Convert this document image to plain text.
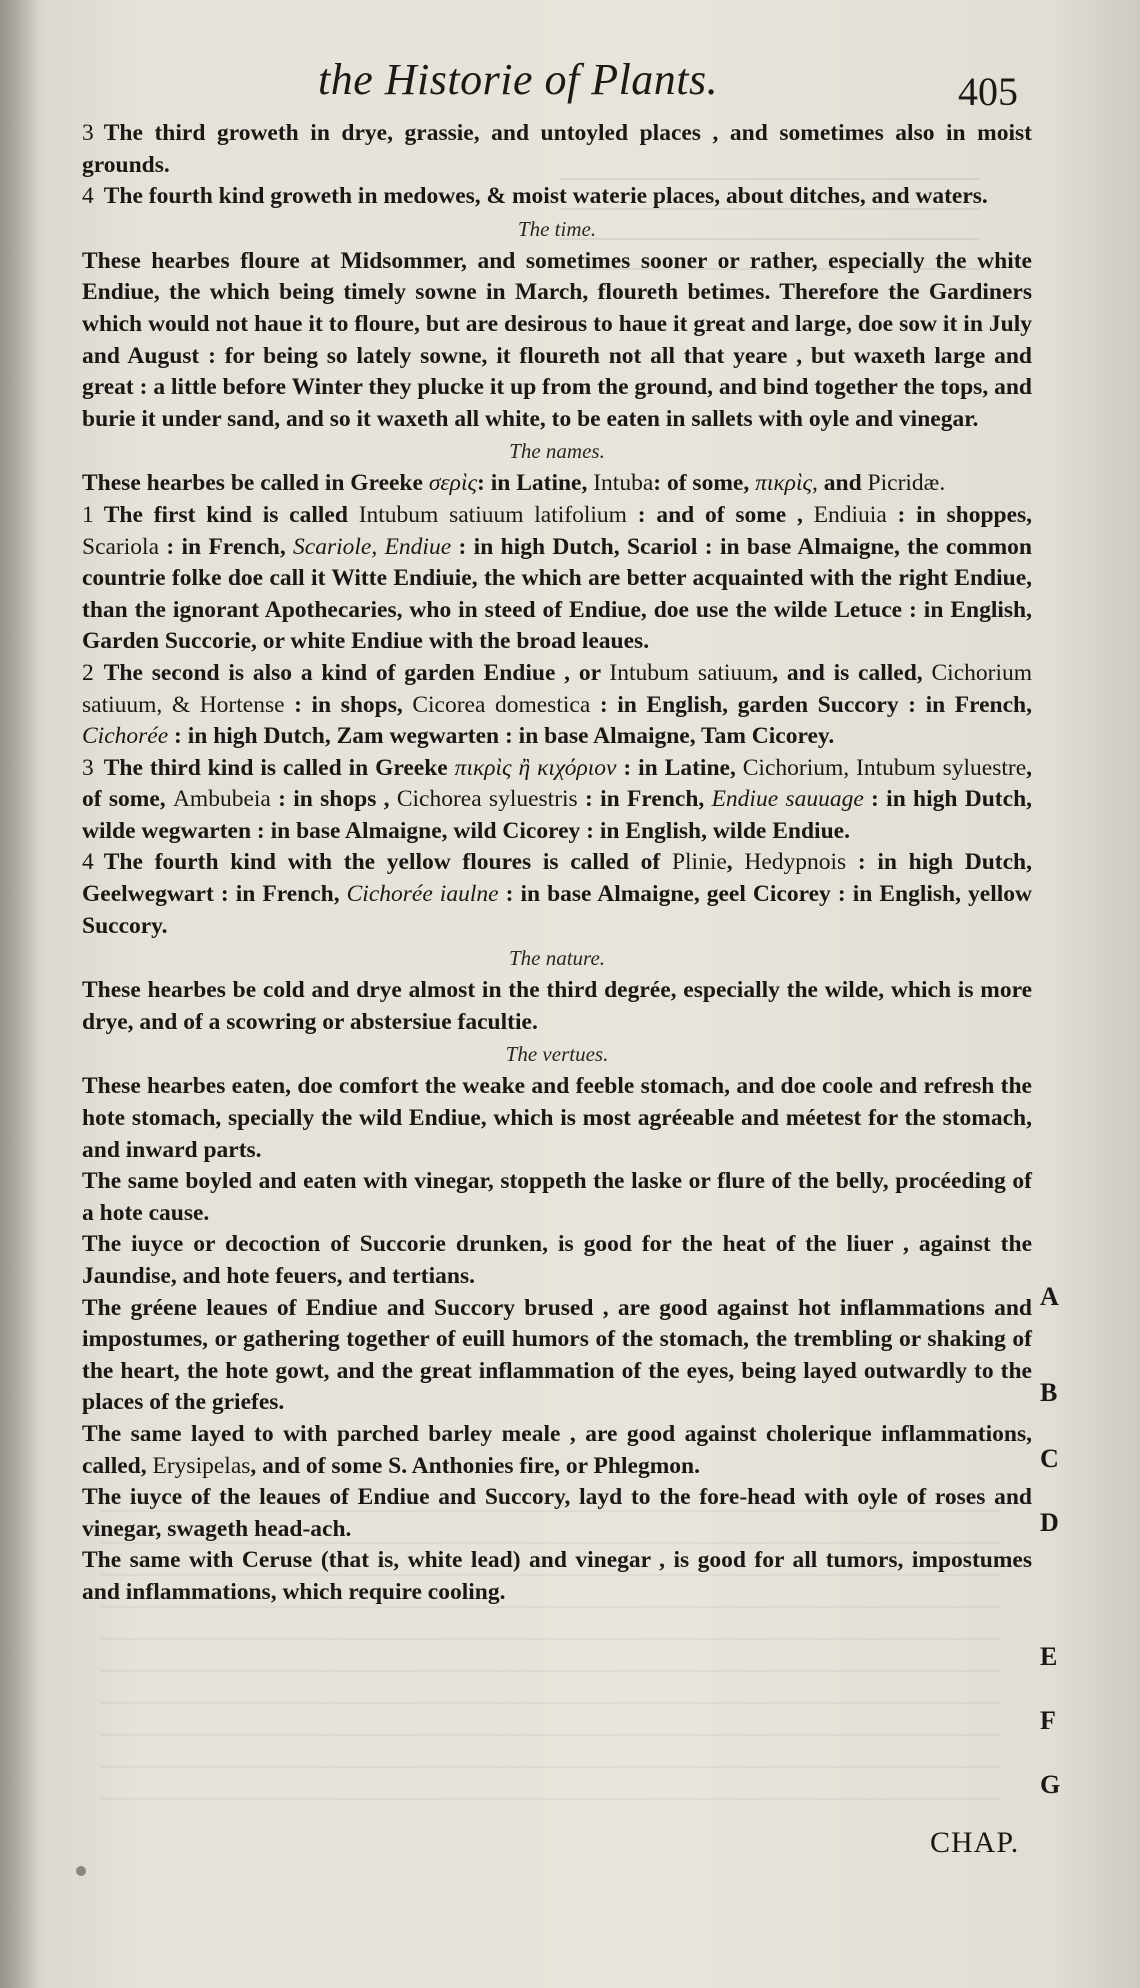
the Historie of Plants.	405

3 The third groweth in drye, grassie, and untoyled places , and sometimes also in moist grounds.

4 The fourth kind groweth in medowes, & moist waterie places, about ditches, and waters.

The time.

These hearbes floure at Midsommer, and sometimes sooner or rather, especially the white Endiue, the which being timely sowne in March, floureth betimes. Therefore the Gardiners which would not haue it to floure, but are desirous to haue it great and large, doe sow it in July and August : for being so lately sowne, it floureth not all that yeare , but waxeth large and great : a little before Winter they plucke it up from the ground, and bind together the tops, and burie it under sand, and so it waxeth all white, to be eaten in sallets with oyle and vinegar.

The names.

These hearbes be called in Greeke σερὶς: in Latine, Intuba: of some, πικρὶς, and Picridæ.

1 The first kind is called Intubum satiuum latifolium : and of some , Endiuia : in shoppes, Scariola : in French, Scariole, Endiue : in high Dutch, Scariol : in base Almaigne, the common countrie folke doe call it Witte Endiuie, the which are better acquainted with the right Endiue, than the ignorant Apothecaries, who in steed of Endiue, doe use the wilde Letuce : in English, Garden Succorie, or white Endiue with the broad leaues.

2 The second is also a kind of garden Endiue , or Intubum satiuum, and is called, Cichorium satiuum, & Hortense : in shops, Cicorea domestica : in English, garden Succory : in French, Cichorée : in high Dutch, Zam wegwarten : in base Almaigne, Tam Cicorey.

3 The third kind is called in Greeke πικρὶς ἢ κιχόριον : in Latine, Cichorium, Intubum syluestre, of some, Ambubeia : in shops , Cichorea syluestris : in French, Endiue sauuage : in high Dutch, wilde wegwarten : in base Almaigne, wild Cicorey : in English, wilde Endiue.

4 The fourth kind with the yellow floures is called of Plinie, Hedypnois : in high Dutch, Geelwegwart : in French, Cichorée iaulne : in base Almaigne, geel Cicorey : in English, yellow Succory.

The nature.

These hearbes be cold and drye almost in the third degrée, especially the wilde, which is more drye, and of a scowring or abstersiue facultie.

The vertues.

These hearbes eaten, doe comfort the weake and feeble stomach, and doe coole and refresh the hote stomach, specially the wild Endiue, which is most agréeable and méetest for the stomach, and inward parts.

The same boyled and eaten with vinegar, stoppeth the laske or flure of the belly, procéeding of a hote cause.

The iuyce or decoction of Succorie drunken, is good for the heat of the liuer , against the Jaundise, and hote feuers, and tertians.

The gréene leaues of Endiue and Succory brused , are good against hot inflammations and impostumes, or gathering together of euill humors of the stomach, the trembling or shaking of the heart, the hote gowt, and the great inflammation of the eyes, being layed outwardly to the places of the griefes.

The same layed to with parched barley meale , are good against cholerique inflammations, called, Erysipelas, and of some S. Anthonies fire, or Phlegmon.

The iuyce of the leaues of Endiue and Succory, layd to the fore-head with oyle of roses and vinegar, swageth head-ach.

The same with Ceruse (that is, white lead) and vinegar , is good for all tumors, impostumes and inflammations, which require cooling.

A
B
C
D
E
F
G
CHAP.
